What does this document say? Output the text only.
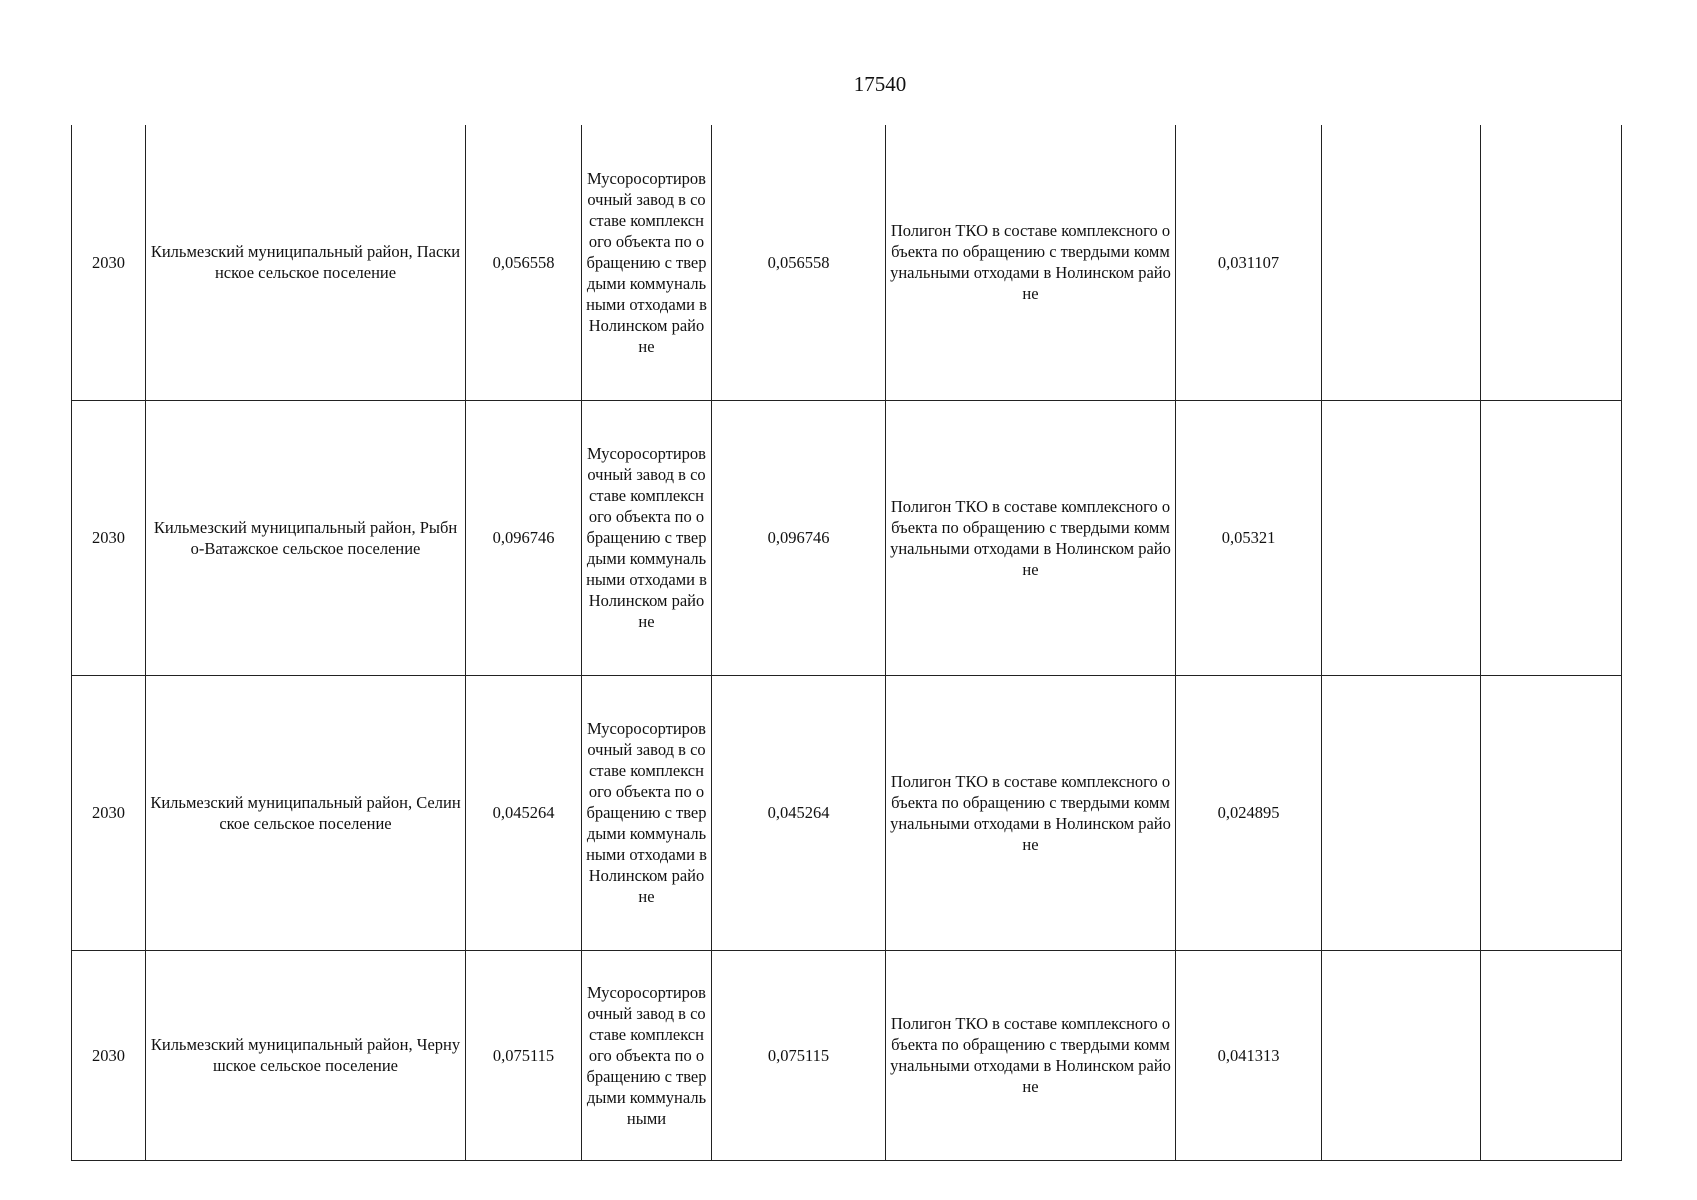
17540
2030	Кильмезский муниципальный район, Паскинское сельское поселение	0,056558	Мусоросортировочный завод в составе комплексного объекта по обращению с твердыми коммунальными отходами в Нолинском районе	0,056558	Полигон ТКО в составе комплексного объекта по обращению с твердыми коммунальными отходами в Нолинском районе	0,031107		
2030	Кильмезский муниципальный район, Рыбно-Ватажское сельское поселение	0,096746	Мусоросортировочный завод в составе комплексного объекта по обращению с твердыми коммунальными отходами в Нолинском районе	0,096746	Полигон ТКО в составе комплексного объекта по обращению с твердыми коммунальными отходами в Нолинском районе	0,05321		
2030	Кильмезский муниципальный район, Селинское сельское поселение	0,045264	Мусоросортировочный завод в составе комплексного объекта по обращению с твердыми коммунальными отходами в Нолинском районе	0,045264	Полигон ТКО в составе комплексного объекта по обращению с твердыми коммунальными отходами в Нолинском районе	0,024895		
2030	Кильмезский муниципальный район, Чернушское сельское поселение	0,075115	Мусоросортировочный завод в составе комплексного объекта по обращению с твердыми коммунальными	0,075115	Полигон ТКО в составе комплексного объекта по обращению с твердыми коммунальными отходами в Нолинском районе	0,041313		
